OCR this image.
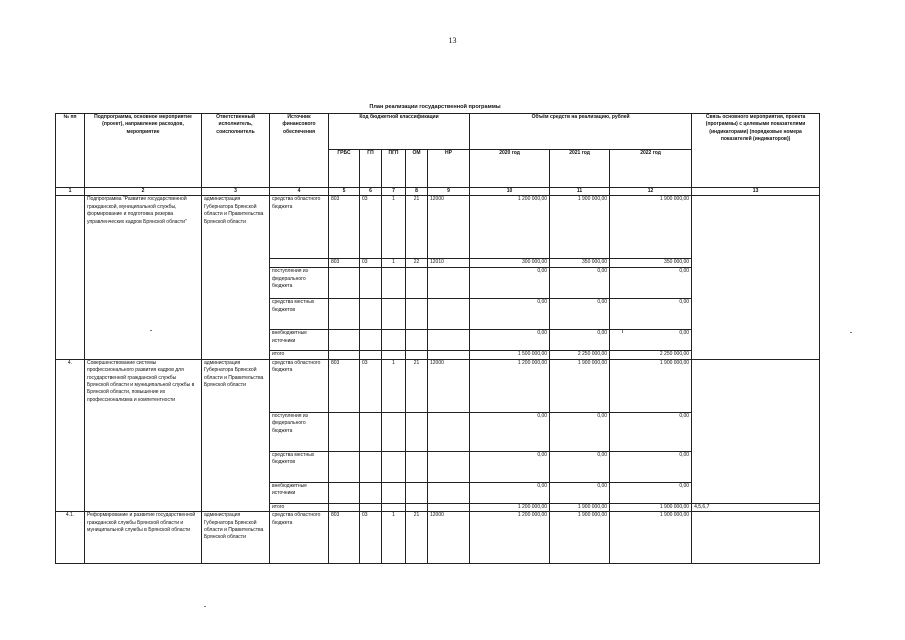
13
План реализации государственной программы
№ пп	Подпрограмма, основное мероприятие (проект), направление расходов, мероприятие	Ответственный исполнитель, соисполнитель	Источник финансового обеспечения	Код бюджетной классификации					Объём средств на реализацию, рублей			Связь основного мероприятия, проекта (программы) с целевыми показателями (индикаторами) (порядковые номера показателей (индикаторов))
				ГРБС	ГП	ПГП	ОМ	НР	2020 год	2021 год	2022 год	
1	2	3	4	5	6	7	8	9	10	11	12	13
	Подпрограмма "Развитие государственной гражданской, муниципальной службы, формирование и подготовка резерва управленческих кадров Брянской области"	администрация Губернатора Брянской области и Правительства Брянской области	средства областного бюджета	803	03	1	21	12000	1 200 000,00	1 900 000,00	1 900 000,00	
				803	03	1	22	12010	300 000,00	350 000,00	350 000,00	
			поступления из федерального бюджета						0,00	0,00	0,00	
			средства местных бюджетов						0,00	0,00	0,00	
			внебюджетные источники						0,00	0,00	0,00	
			итого						1 500 000,00	2 250 000,00	2 250 000,00	
4.	Совершенствование системы профессионального развития кадров для государственной гражданской службы Брянской области и муниципальной службы в Брянской области, повышение их профессионализма и компетентности	администрация Губернатора Брянской области и Правительства Брянской области	средства областного бюджета	803	03	1	21	12000	1 200 000,00	1 900 000,00	1 900 000,00	
			поступления из федерального бюджета						0,00	0,00	0,00	
			средства местных бюджетов						0,00	0,00	0,00	
			внебюджетные источники						0,00	0,00	0,00	
			итого						1 200 000,00	1 900 000,00	1 900 000,00	4,5,6,7
4.1.	Реформирование и развитие государственной гражданской службы Брянской области и муниципальной службы в Брянской области	администрация Губернатора Брянской области и Правительства Брянской области	средства областного бюджета	803	03	1	21	12000	1 200 000,00	1 900 000,00	1 900 000,00	
